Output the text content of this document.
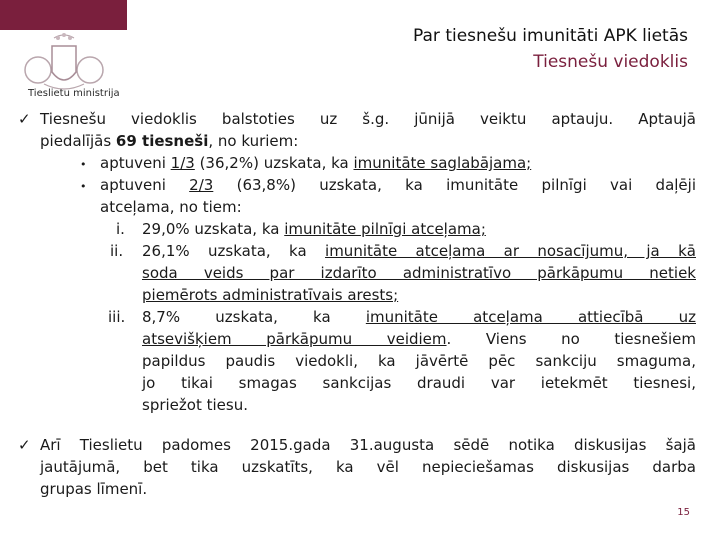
Tieslietu ministrija
Par tiesnešu imunitāti APK lietās
Tiesnešu viedoklis
✓ Tiesnešu viedoklis balstoties uz š.g. jūnijā veiktu aptauju. Aptaujā
piedalījās 69 tiesneši, no kuriem:
• aptuveni 1/3 (36,2%) uzskata, ka imunitāte saglabājama;
• aptuveni 2/3 (63,8%) uzskata, ka imunitāte pilnīgi vai daļēji
atceļama, no tiem:
i. 29,0% uzskata, ka imunitāte pilnīgi atceļama;
ii. 26,1% uzskata, ka imunitāte atceļama ar nosacījumu, ja kā
soda veids par izdarīto administratīvo pārkāpumu netiek
piemērots administratīvais arests;
iii. 8,7% uzskata, ka imunitāte atceļama attiecībā uz
atsevišķiem pārkāpumu veidiem. Viens no tiesnešiem
papildus paudis viedokli, ka jāvērtē pēc sankciju smaguma,
jo tikai smagas sankcijas draudi var ietekmēt tiesnesi,
spriežot tiesu.
✓ Arī Tieslietu padomes 2015.gada 31.augusta sēdē notika diskusijas šajā
jautājumā, bet tika uzskatīts, ka vēl nepieciešamas diskusijas darba
grupas līmenī.
15
